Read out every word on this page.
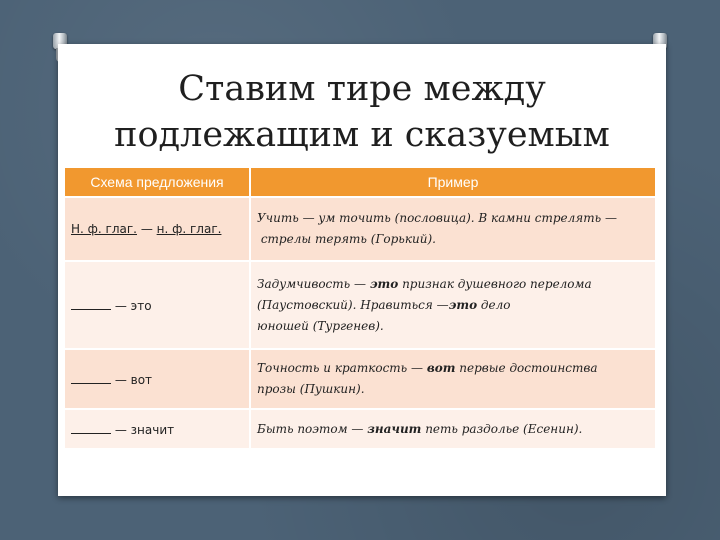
Ставим тире между
подлежащим и сказуемым
Схема предложения	Пример
Н. ф. глаг. — н. ф. глаг.	Учить — ум точить (пословица). В камни стрелять —
стрелы терять (Горький).

— это	Задумчивость — это признак душевного перелома
(Паустовский). Нравиться —это дело
юношей (Тургенев).

— вот	Точность и краткость — вот первые достоинства
прозы (Пушкин).

— значит	Быть поэтом — значит петь раздолье (Есенин).
